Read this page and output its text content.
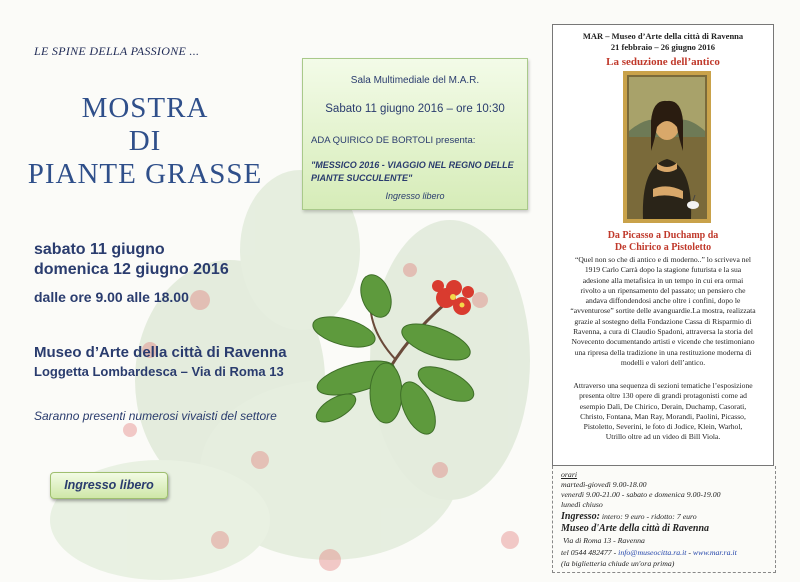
LE SPINE DELLA PASSIONE ...
MOSTRA
DI
PIANTE GRASSE
sabato 11 giugno
domenica 12 giugno 2016
dalle ore 9.00 alle 18.00
Museo d’Arte della città di Ravenna
Loggetta Lombardesca – Via di Roma 13
Saranno presenti numerosi vivaisti del settore
Ingresso libero
Sala Multimediale del M.A.R.
Sabato 11 giugno 2016 – ore 10:30
ADA QUIRICO DE BORTOLI presenta:
"MESSICO 2016 - VIAGGIO NEL REGNO DELLE PIANTE SUCCULENTE"
Ingresso libero
MAR – Museo d’Arte della città di Ravenna
21 febbraio – 26 giugno 2016
La seduzione dell’antico
Da Picasso a Duchamp da
De Chirico a Pistoletto
“Quel non so che di antico e di moderno..” lo scriveva nel
1919 Carlo Carrà dopo la stagione futurista e la sua
adesione alla metafisica in un tempo in cui era ormai
rivolto a un ripensamento del passato; un pensiero che
andava diffondendosi anche oltre i confini, dopo le
“avventurose” sortite delle avanguardie.La mostra, realizzata
grazie al sostegno della Fondazione Cassa di Risparmio di
Ravenna, a cura di Claudio Spadoni, attraversa la storia del
Novecento documentando artisti e vicende che testimoniano
una ripresa della tradizione in una restituzione moderna di
modelli e valori dell’antico.
Attraverso una sequenza di sezioni tematiche l’esposizione
presenta oltre 130 opere di grandi protagonisti come ad
esempio Dalì, De Chirico, Derain, Duchamp, Casorati,
Christo, Fontana, Man Ray, Morandi, Paolini, Picasso,
Pistoletto, Severini, le foto di Jodice, Klein, Warhol,
Utrillo oltre ad un video di Bill Viola.
orari
martedì-giovedì 9.00-18.00
venerdì 9.00-21.00 - sabato e domenica 9.00-19.00
lunedì chiuso
Ingresso: intero: 9 euro - ridotto: 7 euro
Museo d'Arte della città di Ravenna
Via di Roma 13 - Ravenna
tel 0544 482477 - info@museocitta.ra.it - www.mar.ra.it
(la biglietteria chiude un'ora prima)
